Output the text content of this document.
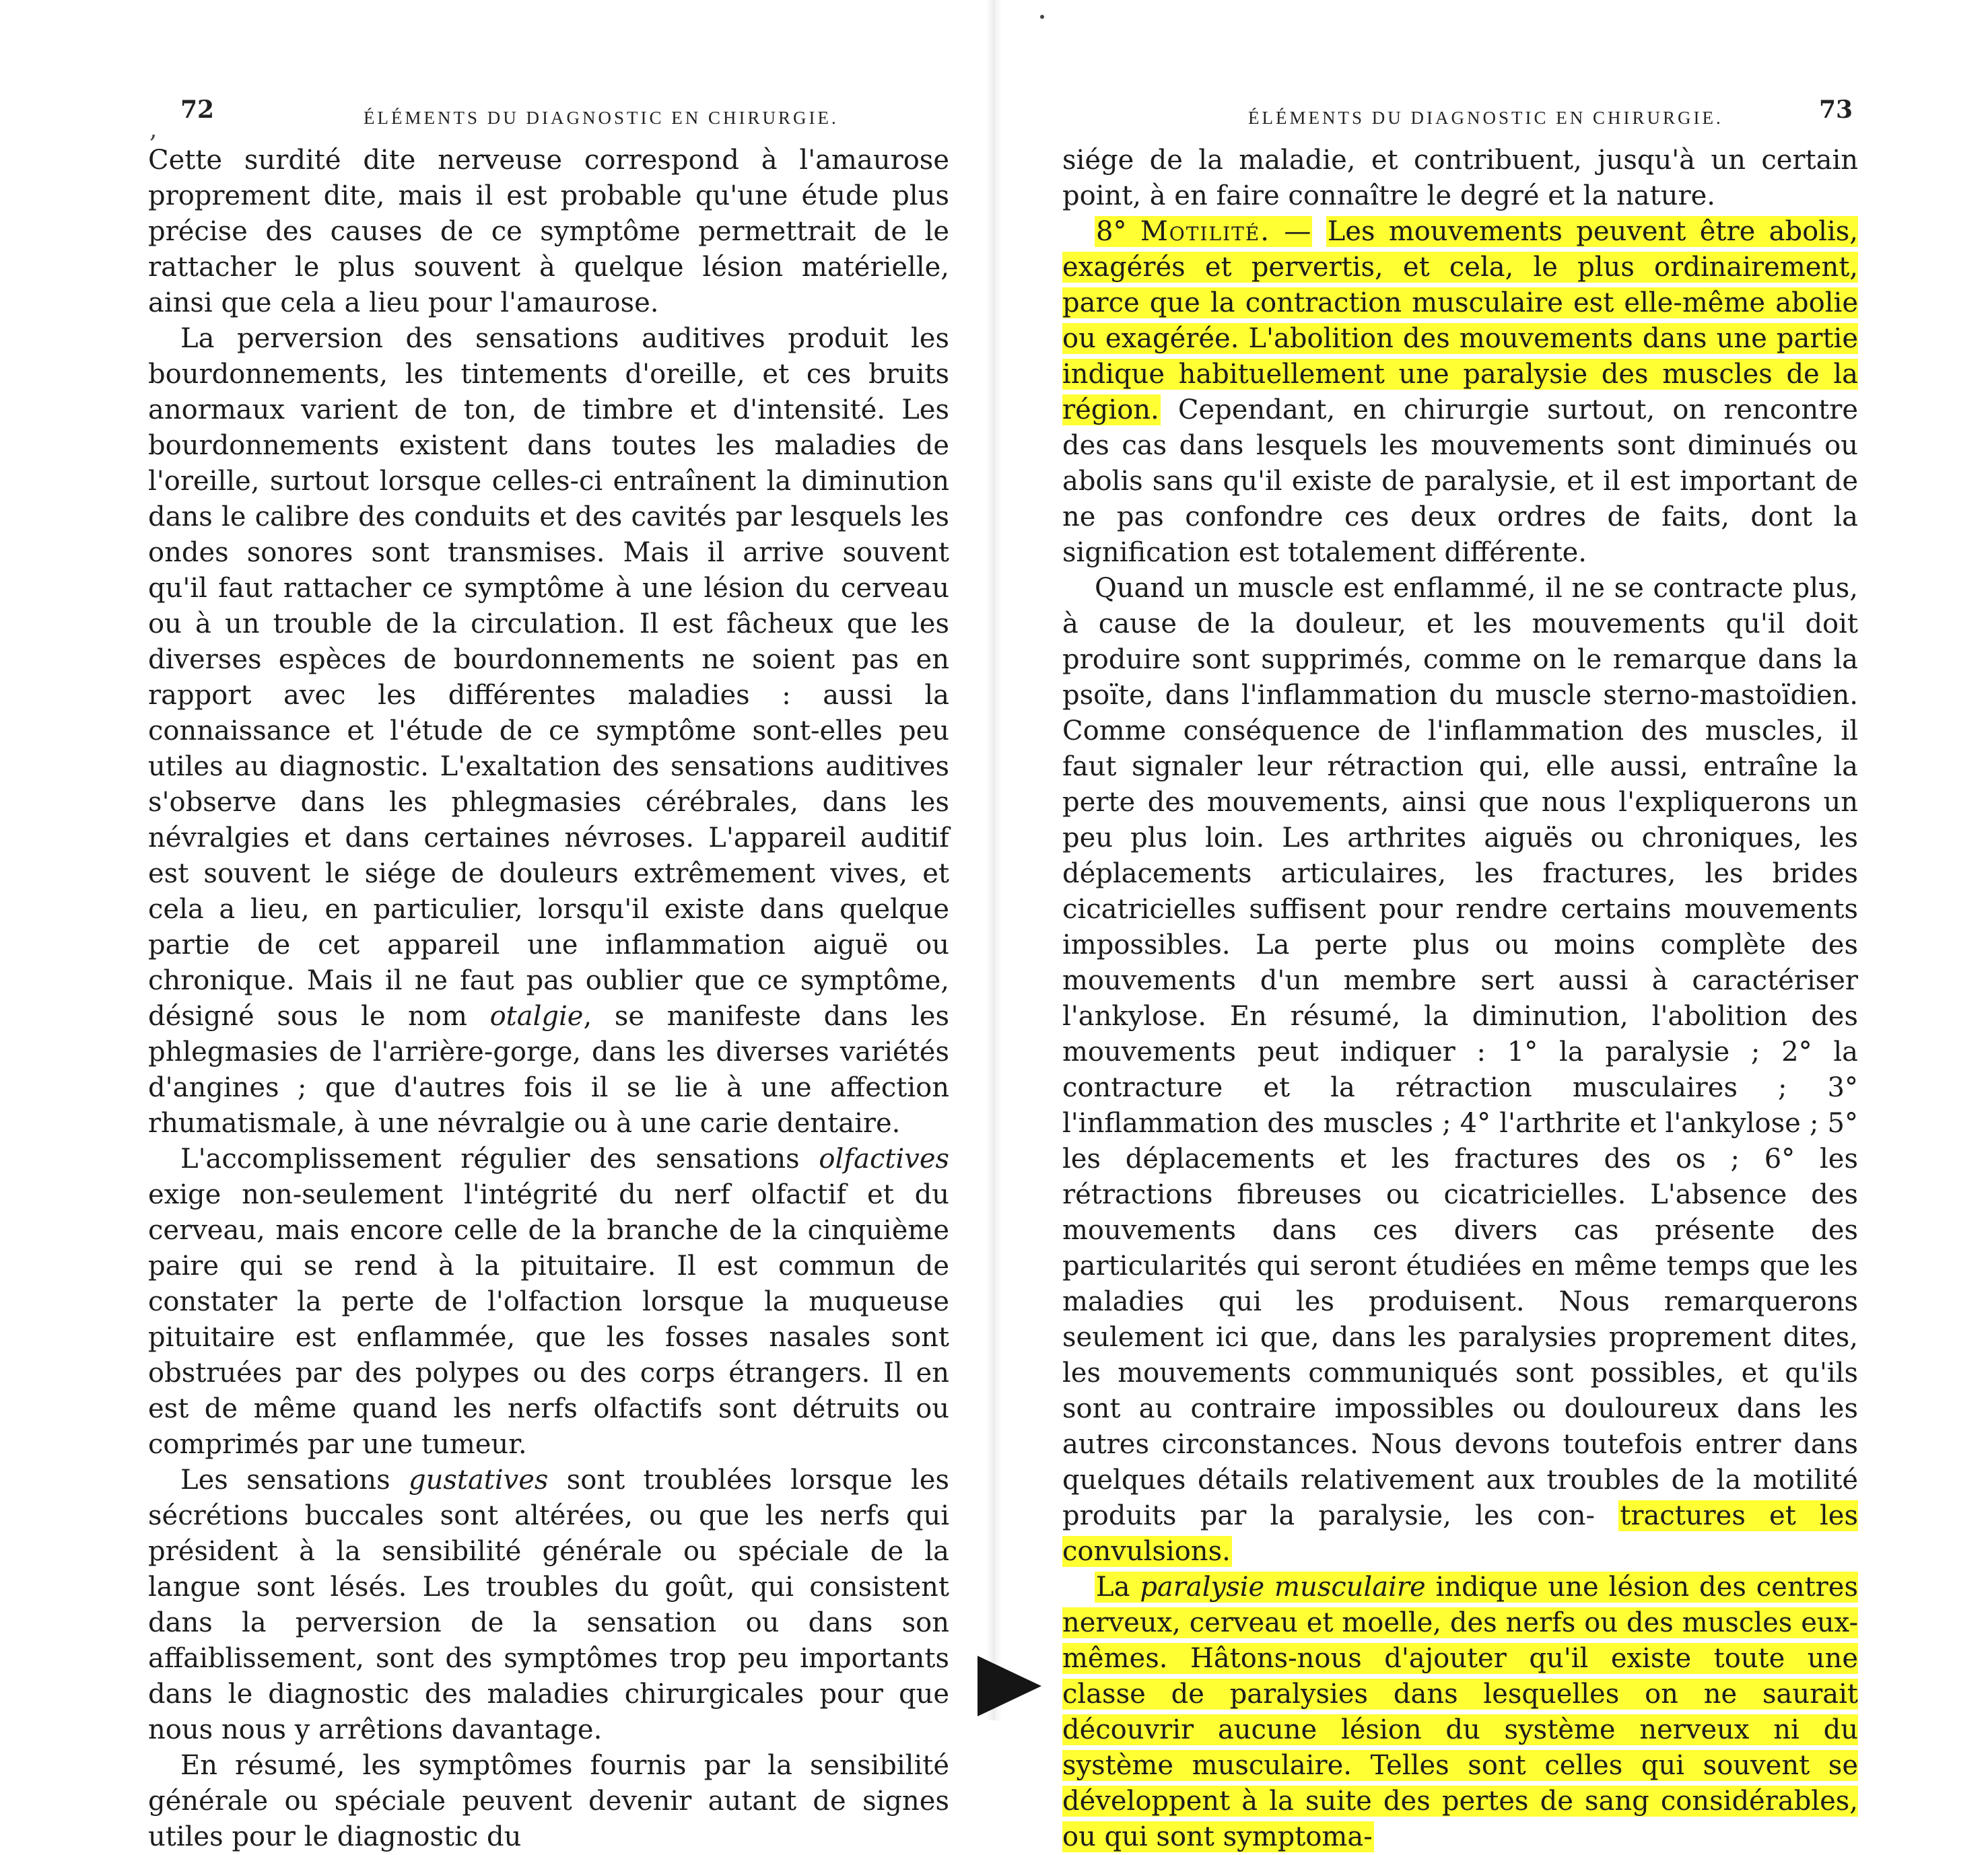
,
72	ÉLÉMENTS DU DIAGNOSTIC EN CHIRURGIE.

Cette surdité dite nerveuse correspond à l'amaurose proprement dite, mais il est probable qu'une étude plus précise des causes de ce symptôme permettrait de le rattacher le plus souvent à quelque lésion matérielle, ainsi que cela a lieu pour l'amaurose.

La perversion des sensations auditives produit les bourdonnements, les tintements d'oreille, et ces bruits anormaux varient de ton, de timbre et d'intensité. Les bourdonnements existent dans toutes les maladies de l'oreille, surtout lorsque celles-ci entraînent la diminution dans le calibre des conduits et des cavités par lesquels les ondes sonores sont transmises. Mais il arrive souvent qu'il faut rattacher ce symptôme à une lésion du cerveau ou à un trouble de la circulation. Il est fâcheux que les diverses espèces de bourdonnements ne soient pas en rapport avec les différentes maladies : aussi la connaissance et l'étude de ce symptôme sont-elles peu utiles au diagnostic. L'exaltation des sensations auditives s'observe dans les phlegmasies cérébrales, dans les névralgies et dans certaines névroses. L'appareil auditif est souvent le siége de douleurs extrêmement vives, et cela a lieu, en particulier, lorsqu'il existe dans quelque partie de cet appareil une inflammation aiguë ou chronique. Mais il ne faut pas oublier que ce symptôme, désigné sous le nom otalgie, se manifeste dans les phlegmasies de l'arrière-gorge, dans les diverses variétés d'angines ; que d'autres fois il se lie à une affection rhumatismale, à une névralgie ou à une carie dentaire.

L'accomplissement régulier des sensations olfactives exige non-seulement l'intégrité du nerf olfactif et du cerveau, mais encore celle de la branche de la cinquième paire qui se rend à la pituitaire. Il est commun de constater la perte de l'olfaction lorsque la muqueuse pituitaire est enflammée, que les fosses nasales sont obstruées par des polypes ou des corps étrangers. Il en est de même quand les nerfs olfactifs sont détruits ou comprimés par une tumeur.

Les sensations gustatives sont troublées lorsque les sécrétions buccales sont altérées, ou que les nerfs qui président à la sensibilité générale ou spéciale de la langue sont lésés. Les troubles du goût, qui consistent dans la perversion de la sensation ou dans son affaiblissement, sont des symptômes trop peu importants dans le diagnostic des maladies chirurgicales pour que nous nous y arrêtions davantage.

En résumé, les symptômes fournis par la sensibilité générale ou spéciale peuvent devenir autant de signes utiles pour le diagnostic du

ÉLÉMENTS DU DIAGNOSTIC EN CHIRURGIE.	73

siége de la maladie, et contribuent, jusqu'à un certain point, à en faire connaître le degré et la nature.

8° Motilité. — Les mouvements peuvent être abolis, exagérés et pervertis, et cela, le plus ordinairement, parce que la contraction musculaire est elle-même abolie ou exagérée. L'abolition des mouvements dans une partie indique habituellement une paralysie des muscles de la région. Cependant, en chirurgie surtout, on rencontre des cas dans lesquels les mouvements sont diminués ou abolis sans qu'il existe de paralysie, et il est important de ne pas confondre ces deux ordres de faits, dont la signification est totalement différente.

Quand un muscle est enflammé, il ne se contracte plus, à cause de la douleur, et les mouvements qu'il doit produire sont supprimés, comme on le remarque dans la psoïte, dans l'inflammation du muscle sterno-mastoïdien. Comme conséquence de l'inflammation des muscles, il faut signaler leur rétraction qui, elle aussi, entraîne la perte des mouvements, ainsi que nous l'expliquerons un peu plus loin. Les arthrites aiguës ou chroniques, les déplacements articulaires, les fractures, les brides cicatricielles suffisent pour rendre certains mouvements impossibles. La perte plus ou moins complète des mouvements d'un membre sert aussi à caractériser l'ankylose. En résumé, la diminution, l'abolition des mouvements peut indiquer : 1° la paralysie ; 2° la contracture et la rétraction musculaires ; 3° l'inflammation des muscles ; 4° l'arthrite et l'ankylose ; 5° les déplacements et les fractures des os ; 6° les rétractions fibreuses ou cicatricielles. L'absence des mouvements dans ces divers cas présente des particularités qui seront étudiées en même temps que les maladies qui les produisent. Nous remarquerons seulement ici que, dans les paralysies proprement dites, les mouvements communiqués sont possibles, et qu'ils sont au contraire impossibles ou douloureux dans les autres circonstances. Nous devons toutefois entrer dans quelques détails relativement aux troubles de la motilité produits par la paralysie, les con- tractures et les convulsions.

La paralysie musculaire indique une lésion des centres nerveux, cerveau et moelle, des nerfs ou des muscles eux-mêmes. Hâtons-nous d'ajouter qu'il existe toute une classe de paralysies dans lesquelles on ne saurait découvrir aucune lésion du système nerveux ni du système musculaire. Telles sont celles qui souvent se développent à la suite des pertes de sang considérables, ou qui sont symptoma-
